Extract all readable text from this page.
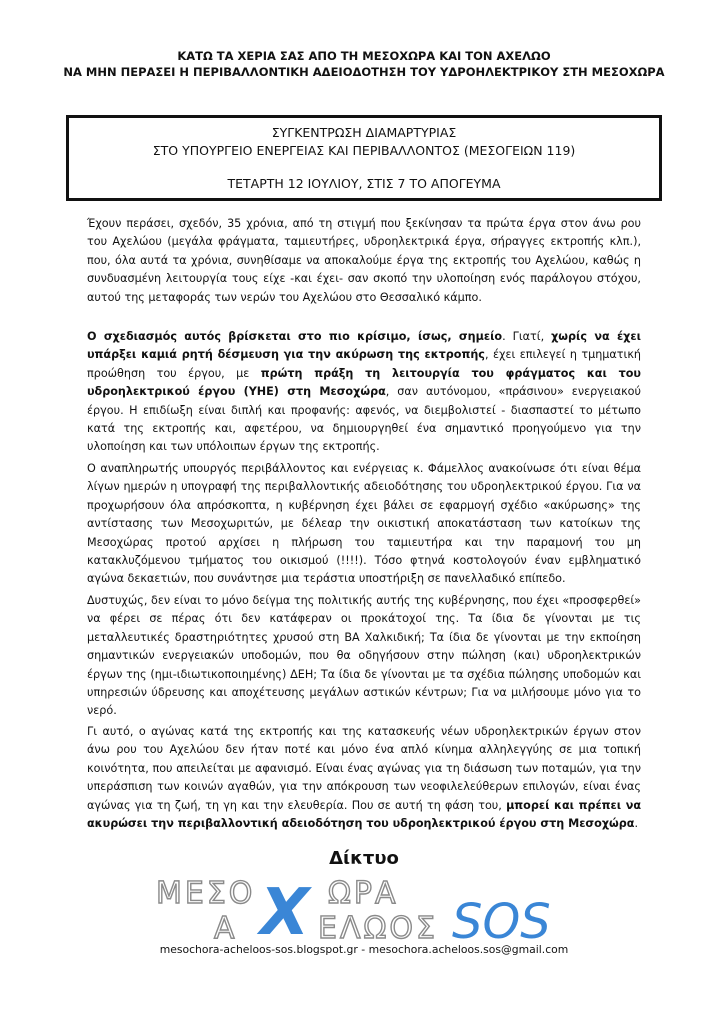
ΚΑΤΩ ΤΑ ΧΕΡΙΑ ΣΑΣ ΑΠΟ ΤΗ ΜΕΣΟΧΩΡΑ ΚΑΙ ΤΟΝ ΑΧΕΛΩΟ
ΝΑ ΜΗΝ ΠΕΡΑΣΕΙ Η ΠΕΡΙΒΑΛΛΟΝΤΙΚΗ ΑΔΕΙΟΔΟΤΗΣΗ ΤΟΥ ΥΔΡΟΗΛΕΚΤΡΙΚΟΥ ΣΤΗ ΜΕΣΟΧΩΡΑ
ΣΥΓΚΕΝΤΡΩΣΗ ΔΙΑΜΑΡΤΥΡΙΑΣ
ΣΤΟ ΥΠΟΥΡΓΕΙΟ ΕΝΕΡΓΕΙΑΣ ΚΑΙ ΠΕΡΙΒΑΛΛΟΝΤΟΣ (ΜΕΣΟΓΕΙΩΝ 119)
ΤΕΤΑΡΤΗ 12 ΙΟΥΛΙΟΥ, ΣΤΙΣ 7 ΤΟ ΑΠΟΓΕΥΜΑ
Έχουν περάσει, σχεδόν, 35 χρόνια, από τη στιγμή που ξεκίνησαν τα πρώτα έργα στον άνω ρου του Αχελώου (μεγάλα φράγματα, ταμιευτήρες, υδροηλεκτρικά έργα, σήραγγες εκτροπής κλπ.), που, όλα αυτά τα χρόνια, συνηθίσαμε να αποκαλούμε έργα της εκτροπής του Αχελώου, καθώς η συνδυασμένη λειτουργία τους είχε -και έχει- σαν σκοπό την υλοποίηση ενός παράλογου στόχου, αυτού της μεταφοράς των νερών του Αχελώου στο Θεσσαλικό κάμπο.
Ο σχεδιασμός αυτός βρίσκεται στο πιο κρίσιμο, ίσως, σημείο. Γιατί, χωρίς να έχει υπάρξει καμιά ρητή δέσμευση για την ακύρωση της εκτροπής, έχει επιλεγεί η τμηματική προώθηση του έργου, με πρώτη πράξη τη λειτουργία του φράγματος και του υδροηλεκτρικού έργου (ΥΗΕ) στη Μεσοχώρα, σαν αυτόνομου, «πράσινου» ενεργειακού έργου. Η επιδίωξη είναι διπλή και προφανής: αφενός, να διεμβολιστεί - διασπαστεί το μέτωπο κατά της εκτροπής και, αφετέρου, να δημιουργηθεί ένα σημαντικό προηγούμενο για την υλοποίηση και των υπόλοιπων έργων της εκτροπής.
Ο αναπληρωτής υπουργός περιβάλλοντος και ενέργειας κ. Φάμελλος ανακοίνωσε ότι είναι θέμα λίγων ημερών η υπογραφή της περιβαλλοντικής αδειοδότησης του υδροηλεκτρικού έργου. Για να προχωρήσουν όλα απρόσκοπτα, η κυβέρνηση έχει βάλει σε εφαρμογή σχέδιο «ακύρωσης» της αντίστασης των Μεσοχωριτών, με δέλεαρ την οικιστική αποκατάσταση των κατοίκων της Μεσοχώρας προτού αρχίσει η πλήρωση του ταμιευτήρα και την παραμονή του μη κατακλυζόμενου τμήματος του οικισμού (!!!!). Τόσο φτηνά κοστολογούν έναν εμβληματικό αγώνα δεκαετιών, που συνάντησε μια τεράστια υποστήριξη σε πανελλαδικό επίπεδο.
Δυστυχώς, δεν είναι το μόνο δείγμα της πολιτικής αυτής της κυβέρνησης, που έχει «προσφερθεί» να φέρει σε πέρας ότι δεν κατάφεραν οι προκάτοχοί της. Τα ίδια δε γίνονται με τις μεταλλευτικές δραστηριότητες χρυσού στη ΒΑ Χαλκιδική; Τα ίδια δε γίνονται με την εκποίηση σημαντικών ενεργειακών υποδομών, που θα οδηγήσουν στην πώληση (και) υδροηλεκτρικών έργων της (ημι-ιδιωτικοποιημένης) ΔΕΗ; Τα ίδια δε γίνονται με τα σχέδια πώλησης υποδομών και υπηρεσιών ύδρευσης και αποχέτευσης μεγάλων αστικών κέντρων; Για να μιλήσουμε μόνο για το νερό.
Γι αυτό, ο αγώνας κατά της εκτροπής και της κατασκευής νέων υδροηλεκτρικών έργων στον άνω ρου του Αχελώου δεν ήταν ποτέ και μόνο ένα απλό κίνημα αλληλεγγύης σε μια τοπική κοινότητα, που απειλείται με αφανισμό. Είναι ένας αγώνας για τη διάσωση των ποταμών, για την υπεράσπιση των κοινών αγαθών, για την απόκρουση των νεοφιλελεύθερων επιλογών, είναι ένας αγώνας για τη ζωή, τη γη και την ελευθερία. Που σε αυτή τη φάση του, μπορεί και πρέπει να ακυρώσει την περιβαλλοντική αδειοδότηση του υδροηλεκτρικού έργου στη Μεσοχώρα.
Δίκτυο
ΜΕΣΟ Χ ΩΡΑ
Α	ΕΛΩΟΣ SOS
mesochora-acheloos-sos.blogspot.gr - mesochora.acheloos.sos@gmail.com
